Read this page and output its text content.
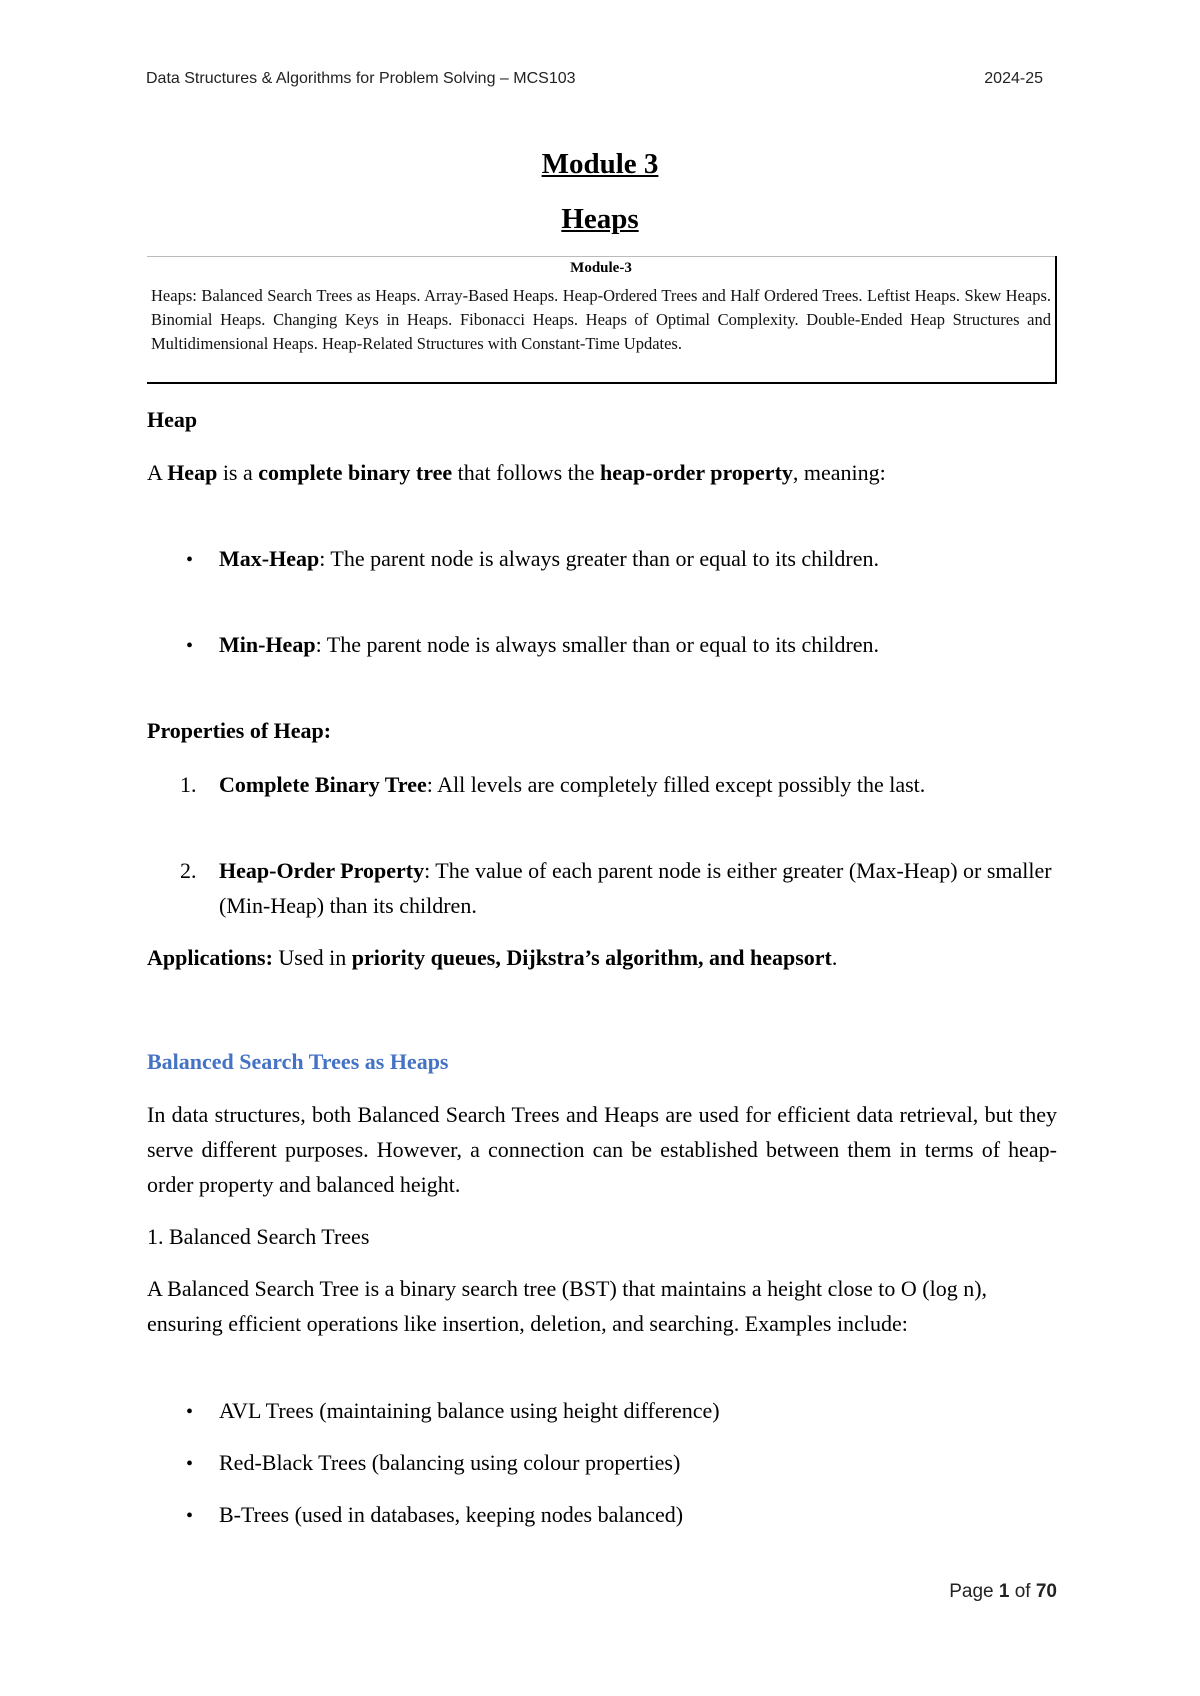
Data Structures & Algorithms for Problem Solving – MCS103	2024-25
Module 3
Heaps
Module-3
Heaps: Balanced Search Trees as Heaps. Array-Based Heaps. Heap-Ordered Trees and Half Ordered Trees. Leftist Heaps. Skew Heaps. Binomial Heaps. Changing Keys in Heaps. Fibonacci Heaps. Heaps of Optimal Complexity. Double-Ended Heap Structures and Multidimensional Heaps. Heap-Related Structures with Constant-Time Updates.

Heap

A Heap is a complete binary tree that follows the heap-order property, meaning:

• Max-Heap: The parent node is always greater than or equal to its children.
• Min-Heap: The parent node is always smaller than or equal to its children.

Properties of Heap:

1. Complete Binary Tree: All levels are completely filled except possibly the last.
2. Heap-Order Property: The value of each parent node is either greater (Max-Heap) or smaller (Min-Heap) than its children.

Applications: Used in priority queues, Dijkstra’s algorithm, and heapsort.

Balanced Search Trees as Heaps

In data structures, both Balanced Search Trees and Heaps are used for efficient data retrieval, but they serve different purposes. However, a connection can be established between them in terms of heap-order property and balanced height.

1. Balanced Search Trees

A Balanced Search Tree is a binary search tree (BST) that maintains a height close to O (log n), ensuring efficient operations like insertion, deletion, and searching. Examples include:

• AVL Trees (maintaining balance using height difference)
• Red-Black Trees (balancing using colour properties)
• B-Trees (used in databases, keeping nodes balanced)
Page 1 of 70
